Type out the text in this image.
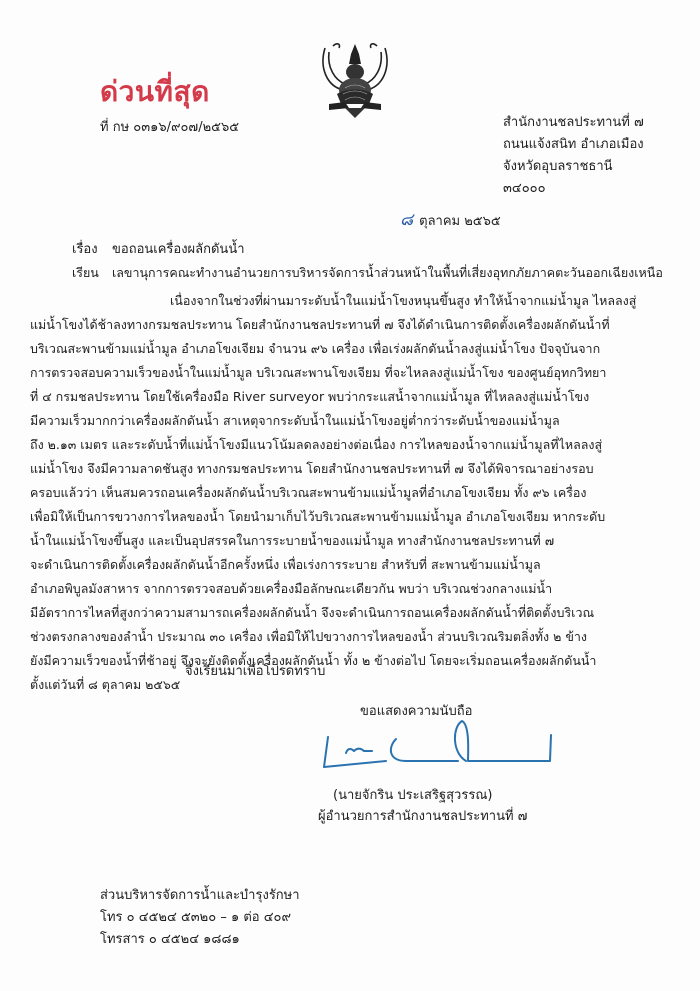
ด่วนที่สุด
ที่ กษ ๐๓๑๖/๙๐๗/๒๕๖๕	สำนักงานชลประทานที่ ๗
ถนนแจ้งสนิท อำเภอเมือง
จังหวัดอุบลราชธานี
๓๔๐๐๐
๘ ตุลาคม ๒๕๖๕
เรื่อง ขอถอนเครื่องผลักดันน้ำ
เรียน เลขานุการคณะทำงานอำนวยการบริหารจัดการน้ำส่วนหน้าในพื้นที่เสี่ยงอุทกภัยภาคตะวันออกเฉียงเหนือ
เนื่องจากในช่วงที่ผ่านมาระดับน้ำในแม่น้ำโขงหนุนขึ้นสูง ทำให้น้ำจากแม่น้ำมูล ไหลลงสู่
แม่น้ำโขงได้ช้าลงทางกรมชลประทาน โดยสำนักงานชลประทานที่ ๗ จึงได้ดำเนินการติดตั้งเครื่องผลักดันน้ำที่
บริเวณสะพานข้ามแม่น้ำมูล อำเภอโขงเจียม จำนวน ๙๖ เครื่อง เพื่อเร่งผลักดันน้ำลงสู่แม่น้ำโขง ปัจจุบันจาก
การตรวจสอบความเร็วของน้ำในแม่น้ำมูล บริเวณสะพานโขงเจียม ที่จะไหลลงสู่แม่น้ำโขง ของศูนย์อุทกวิทยา
ที่ ๔ กรมชลประทาน โดยใช้เครื่องมือ River surveyor พบว่ากระแสน้ำจากแม่น้ำมูล ที่ไหลลงสู่แม่น้ำโขง
มีความเร็วมากกว่าเครื่องผลักดันน้ำ สาเหตุจากระดับน้ำในแม่น้ำโขงอยู่ต่ำกว่าระดับน้ำของแม่น้ำมูล
ถึง ๒.๑๓ เมตร และระดับน้ำที่แม่น้ำโขงมีแนวโน้มลดลงอย่างต่อเนื่อง การไหลของน้ำจากแม่น้ำมูลที่ไหลลงสู่
แม่น้ำโขง จึงมีความลาดชันสูง ทางกรมชลประทาน โดยสำนักงานชลประทานที่ ๗ จึงได้พิจารณาอย่างรอบ
ครอบแล้วว่า เห็นสมควรถอนเครื่องผลักดันน้ำบริเวณสะพานข้ามแม่น้ำมูลที่อำเภอโขงเจียม ทั้ง ๙๖ เครื่อง
เพื่อมิให้เป็นการขวางการไหลของน้ำ โดยนำมาเก็บไว้บริเวณสะพานข้ามแม่น้ำมูล อำเภอโขงเจียม หากระดับ
น้ำในแม่น้ำโขงขึ้นสูง และเป็นอุปสรรคในการระบายน้ำของแม่น้ำมูล ทางสำนักงานชลประทานที่ ๗
จะดำเนินการติดตั้งเครื่องผลักดันน้ำอีกครั้งหนึ่ง เพื่อเร่งการระบาย สำหรับที่ สะพานข้ามแม่น้ำมูล
อำเภอพิบูลมังสาหาร จากการตรวจสอบด้วยเครื่องมือลักษณะเดียวกัน พบว่า บริเวณช่วงกลางแม่น้ำ
มีอัตราการไหลที่สูงกว่าความสามารถเครื่องผลักดันน้ำ จึงจะดำเนินการถอนเครื่องผลักดันน้ำที่ติดตั้งบริเวณ
ช่วงตรงกลางของลำน้ำ ประมาณ ๓๐ เครื่อง เพื่อมิให้ไปขวางการไหลของน้ำ ส่วนบริเวณริมตลิ่งทั้ง ๒ ข้าง
ยังมีความเร็วของน้ำที่ช้าอยู่ จึงจะยังติดตั้งเครื่องผลักดันน้ำ ทั้ง ๒ ข้างต่อไป โดยจะเริ่มถอนเครื่องผลักดันน้ำ
ตั้งแต่วันที่ ๘ ตุลาคม ๒๕๖๕
จึงเรียนมาเพื่อโปรดทราบ
ขอแสดงความนับถือ
(นายจักริน ประเสริฐสุวรรณ)
ผู้อำนวยการสำนักงานชลประทานที่ ๗
ส่วนบริหารจัดการน้ำและบำรุงรักษา
โทร ๐ ๔๕๒๔ ๕๓๒๐ – ๑ ต่อ ๔๐๙
โทรสาร ๐ ๔๕๒๔ ๑๘๘๑
